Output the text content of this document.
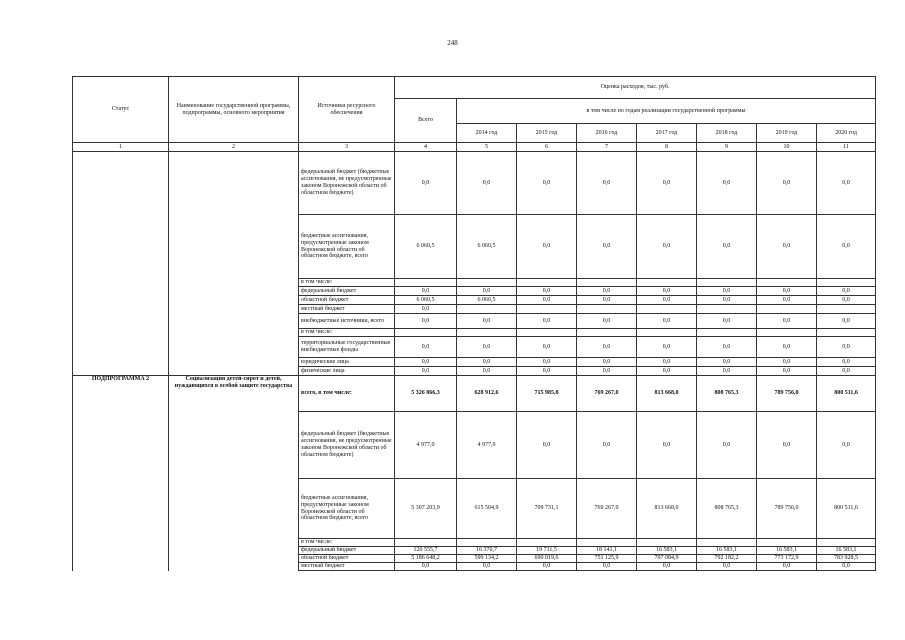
248
Статус	Наименование государственной программы, подпрограммы, основного мероприятия	Источники ресурсного обеспечения	Оценка расходов, тыс. руб.							
			Всего	в том числе по годам реализации государственной программы						
				2014 год	2015 год	2016 год	2017 год	2018 год	2019 год	2020 год
1	2	3	4	5	6	7	8	9	10	11
		федеральный бюджет (бюджетные ассигнования, не предусмотренные законом Воронежской области об областном бюджете)	0,0	0,0	0,0	0,0	0,0	0,0	0,0	0,0
		бюджетные ассигнования, предусмотренные законом Воронежской области об областном бюджете, всего	6 060,5	6 060,5	0,0	0,0	0,0	0,0	0,0	0,0
		в том числе:								
		федеральный бюджет	0,0	0,0	0,0	0,0	0,0	0,0	0,0	0,0
		областной бюджет	6 060,5	6 060,5	0,0	0,0	0,0	0,0	0,0	0,0
		местный бюджет	0,0							
		внебюджетные источники, всего	0,0	0,0	0,0	0,0	0,0	0,0	0,0	0,0
		в том числе:								
		территориальные государственные внебюджетные фонды	0,0	0,0	0,0	0,0	0,0	0,0	0,0	0,0
		юридические лица	0,0	0,0	0,0	0,0	0,0	0,0	0,0	0,0
		физические лица	0,0	0,0	0,0	0,0	0,0	0,0	0,0	0,0
ПОДПРОГРАММА 2	Социализация детей-сирот и детей, нуждающихся в особой защите государства	всего, в том числе:	5 326 866,3	628 912,6	715 985,8	769 267,0	813 668,0	808 765,3	789 756,0	800 511,6
		федеральный бюджет (бюджетные ассигнования, не предусмотренные законом Воронежской области об областном бюджете)	4 977,0	4 977,0	0,0	0,0	0,0	0,0	0,0	0,0
		бюджетные ассигнования, предусмотренные законом Воронежской области об областном бюджете, всего	5 307 203,9	615 504,9	709 731,1	769 267,0	813 668,0	808 765,3	789 756,0	800 511,6
		в том числе:								
		федеральный бюджет	120 555,7	16 370,7	19 711,5	18 141,1	16 583,1	16 583,1	16 583,1	16 583,1
		областной бюджет	5 186 648,2	599 134,2	690 019,6	751 125,9	797 084,9	792 182,2	773 172,9	783 928,5
		местный бюджет	0,0	0,0	0,0	0,0	0,0	0,0	0,0	0,0
